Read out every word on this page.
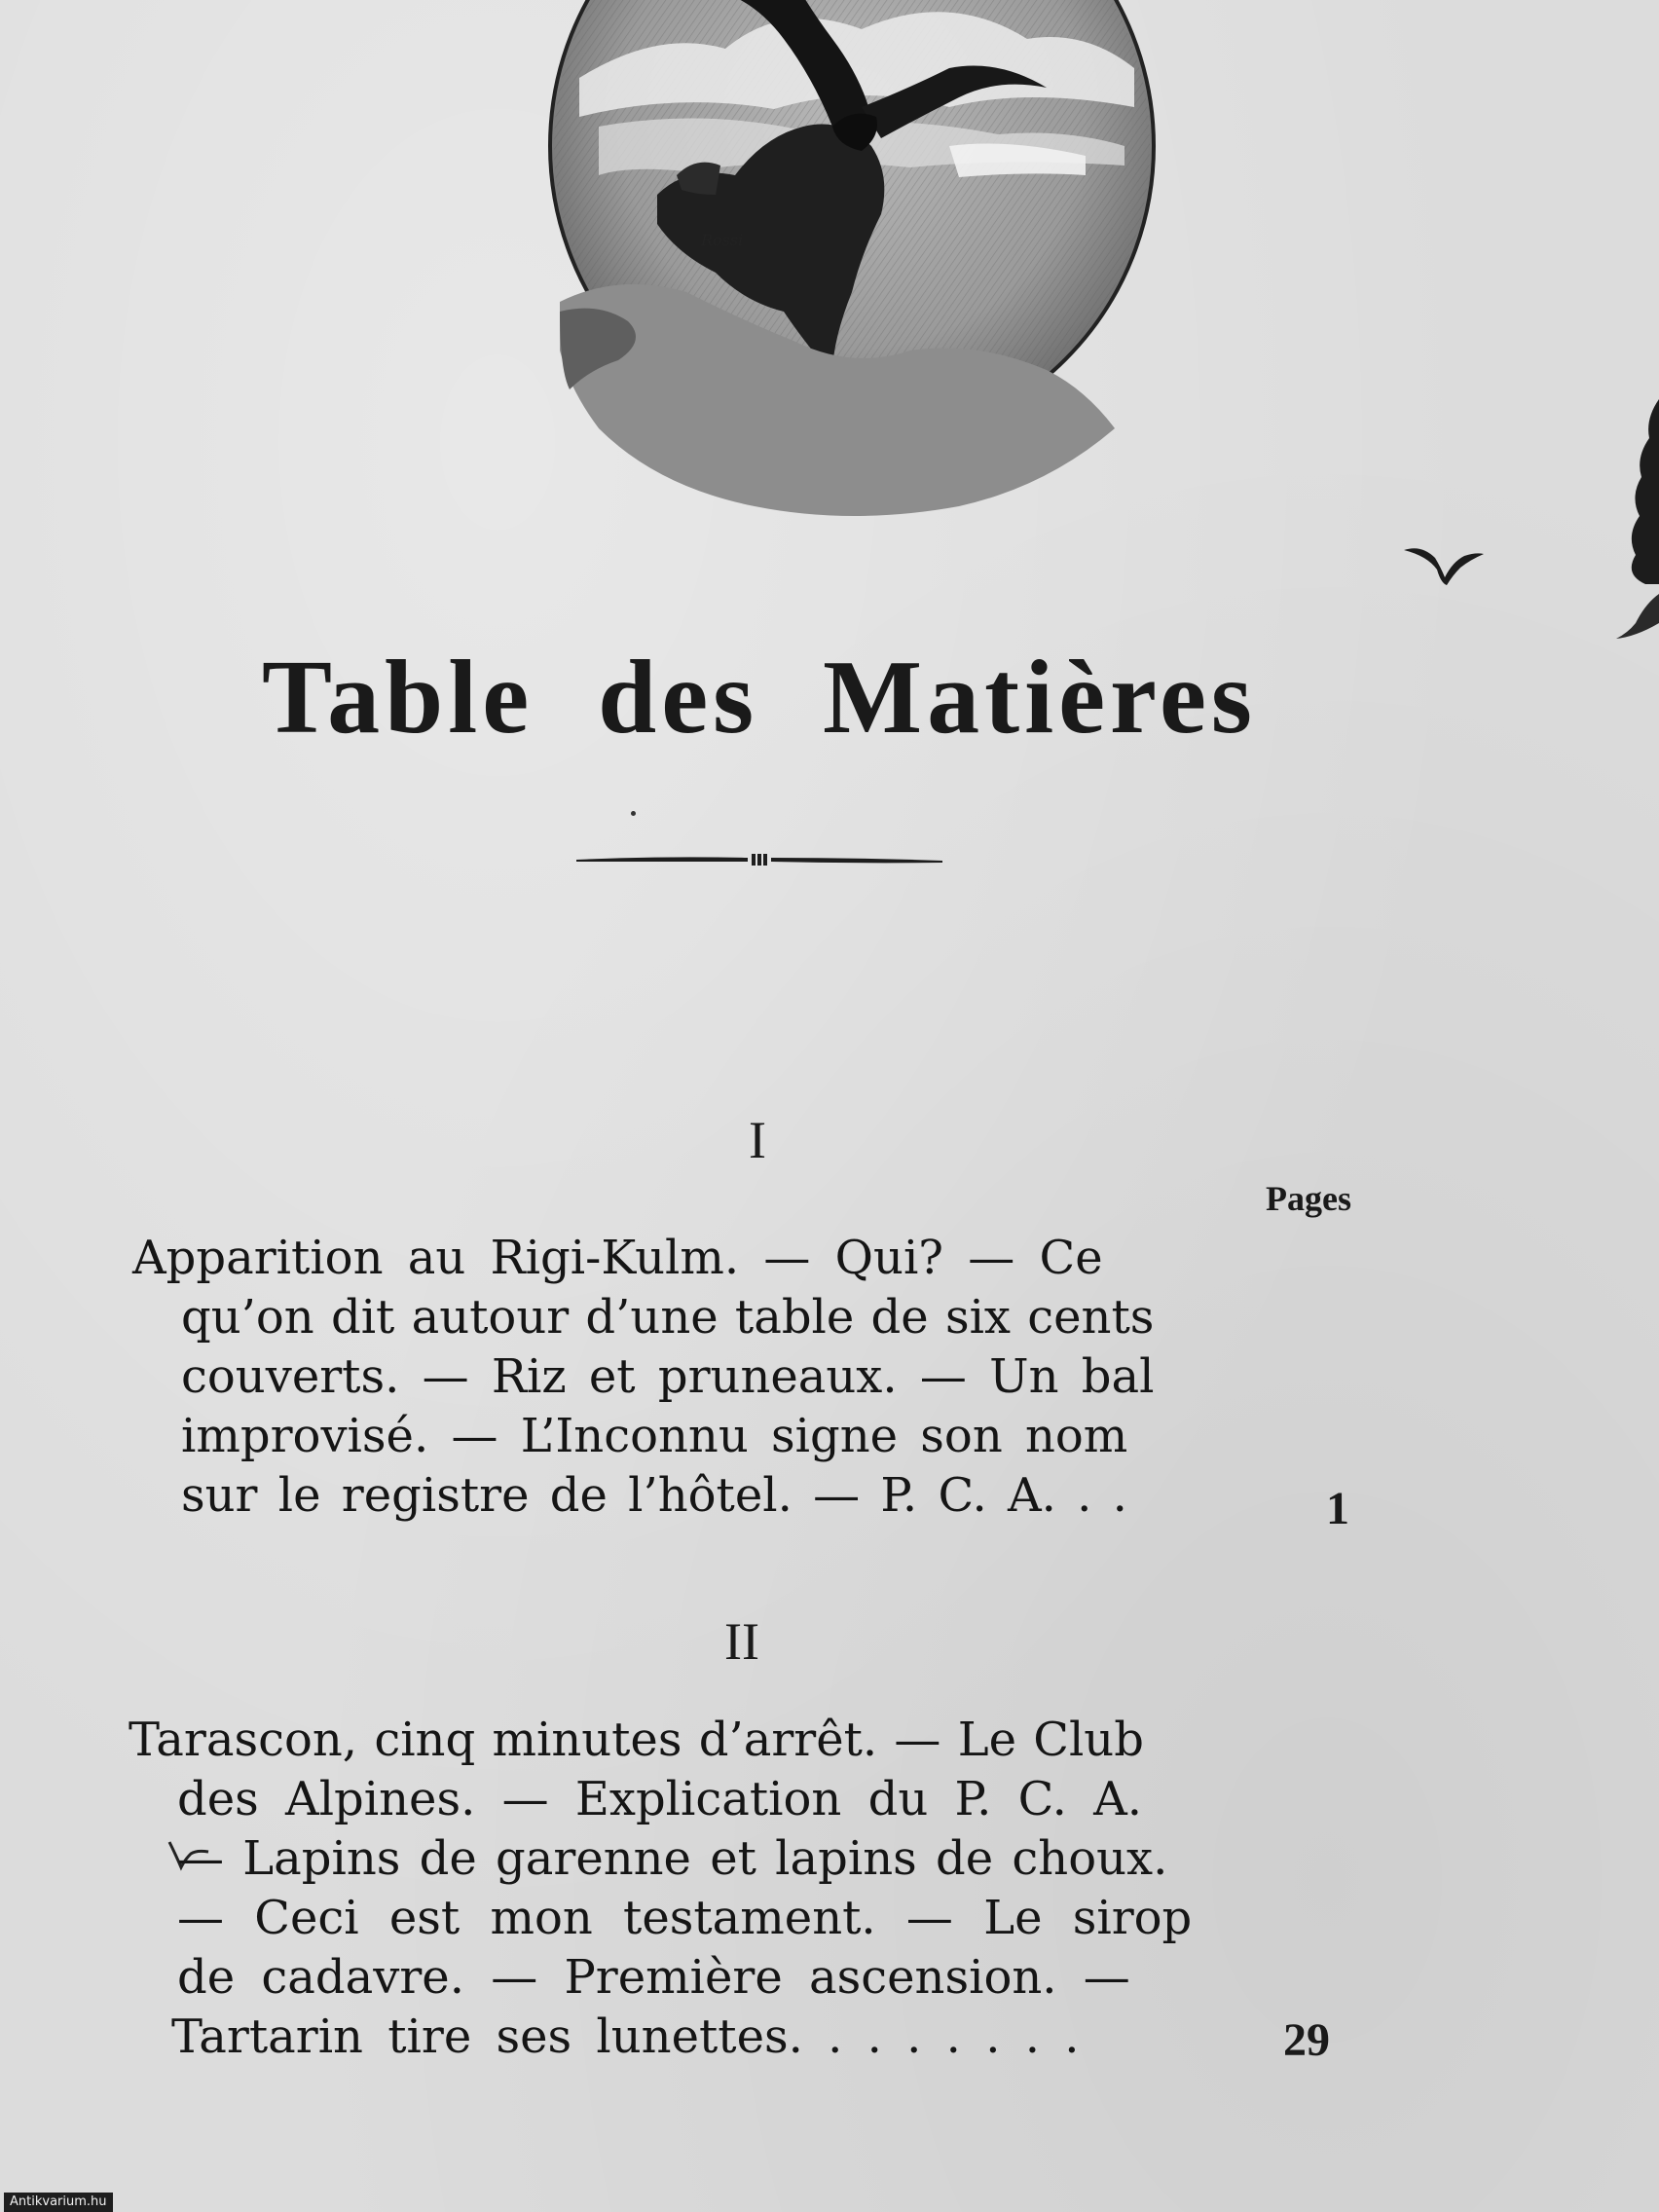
Rossi
Table des Matières
I
Pages
Apparition au Rigi-Kulm. — Qui? — Ce
qu’on dit autour d’une table de six cents
couverts. — Riz et pruneaux. — Un bal
improvisé. — L’Inconnu signe son nom
sur le registre de l’hôtel. — P. C. A. . .	1
II
Tarascon, cinq minutes d’arrêt. — Le Club
des Alpines. — Explication du P. C. A.
— Lapins de garenne et lapins de choux.
— Ceci est mon testament. — Le sirop
de cadavre. — Première ascension. —
Tartarin tire ses lunettes. . . . . . . .	29
Antikvarium.hu
